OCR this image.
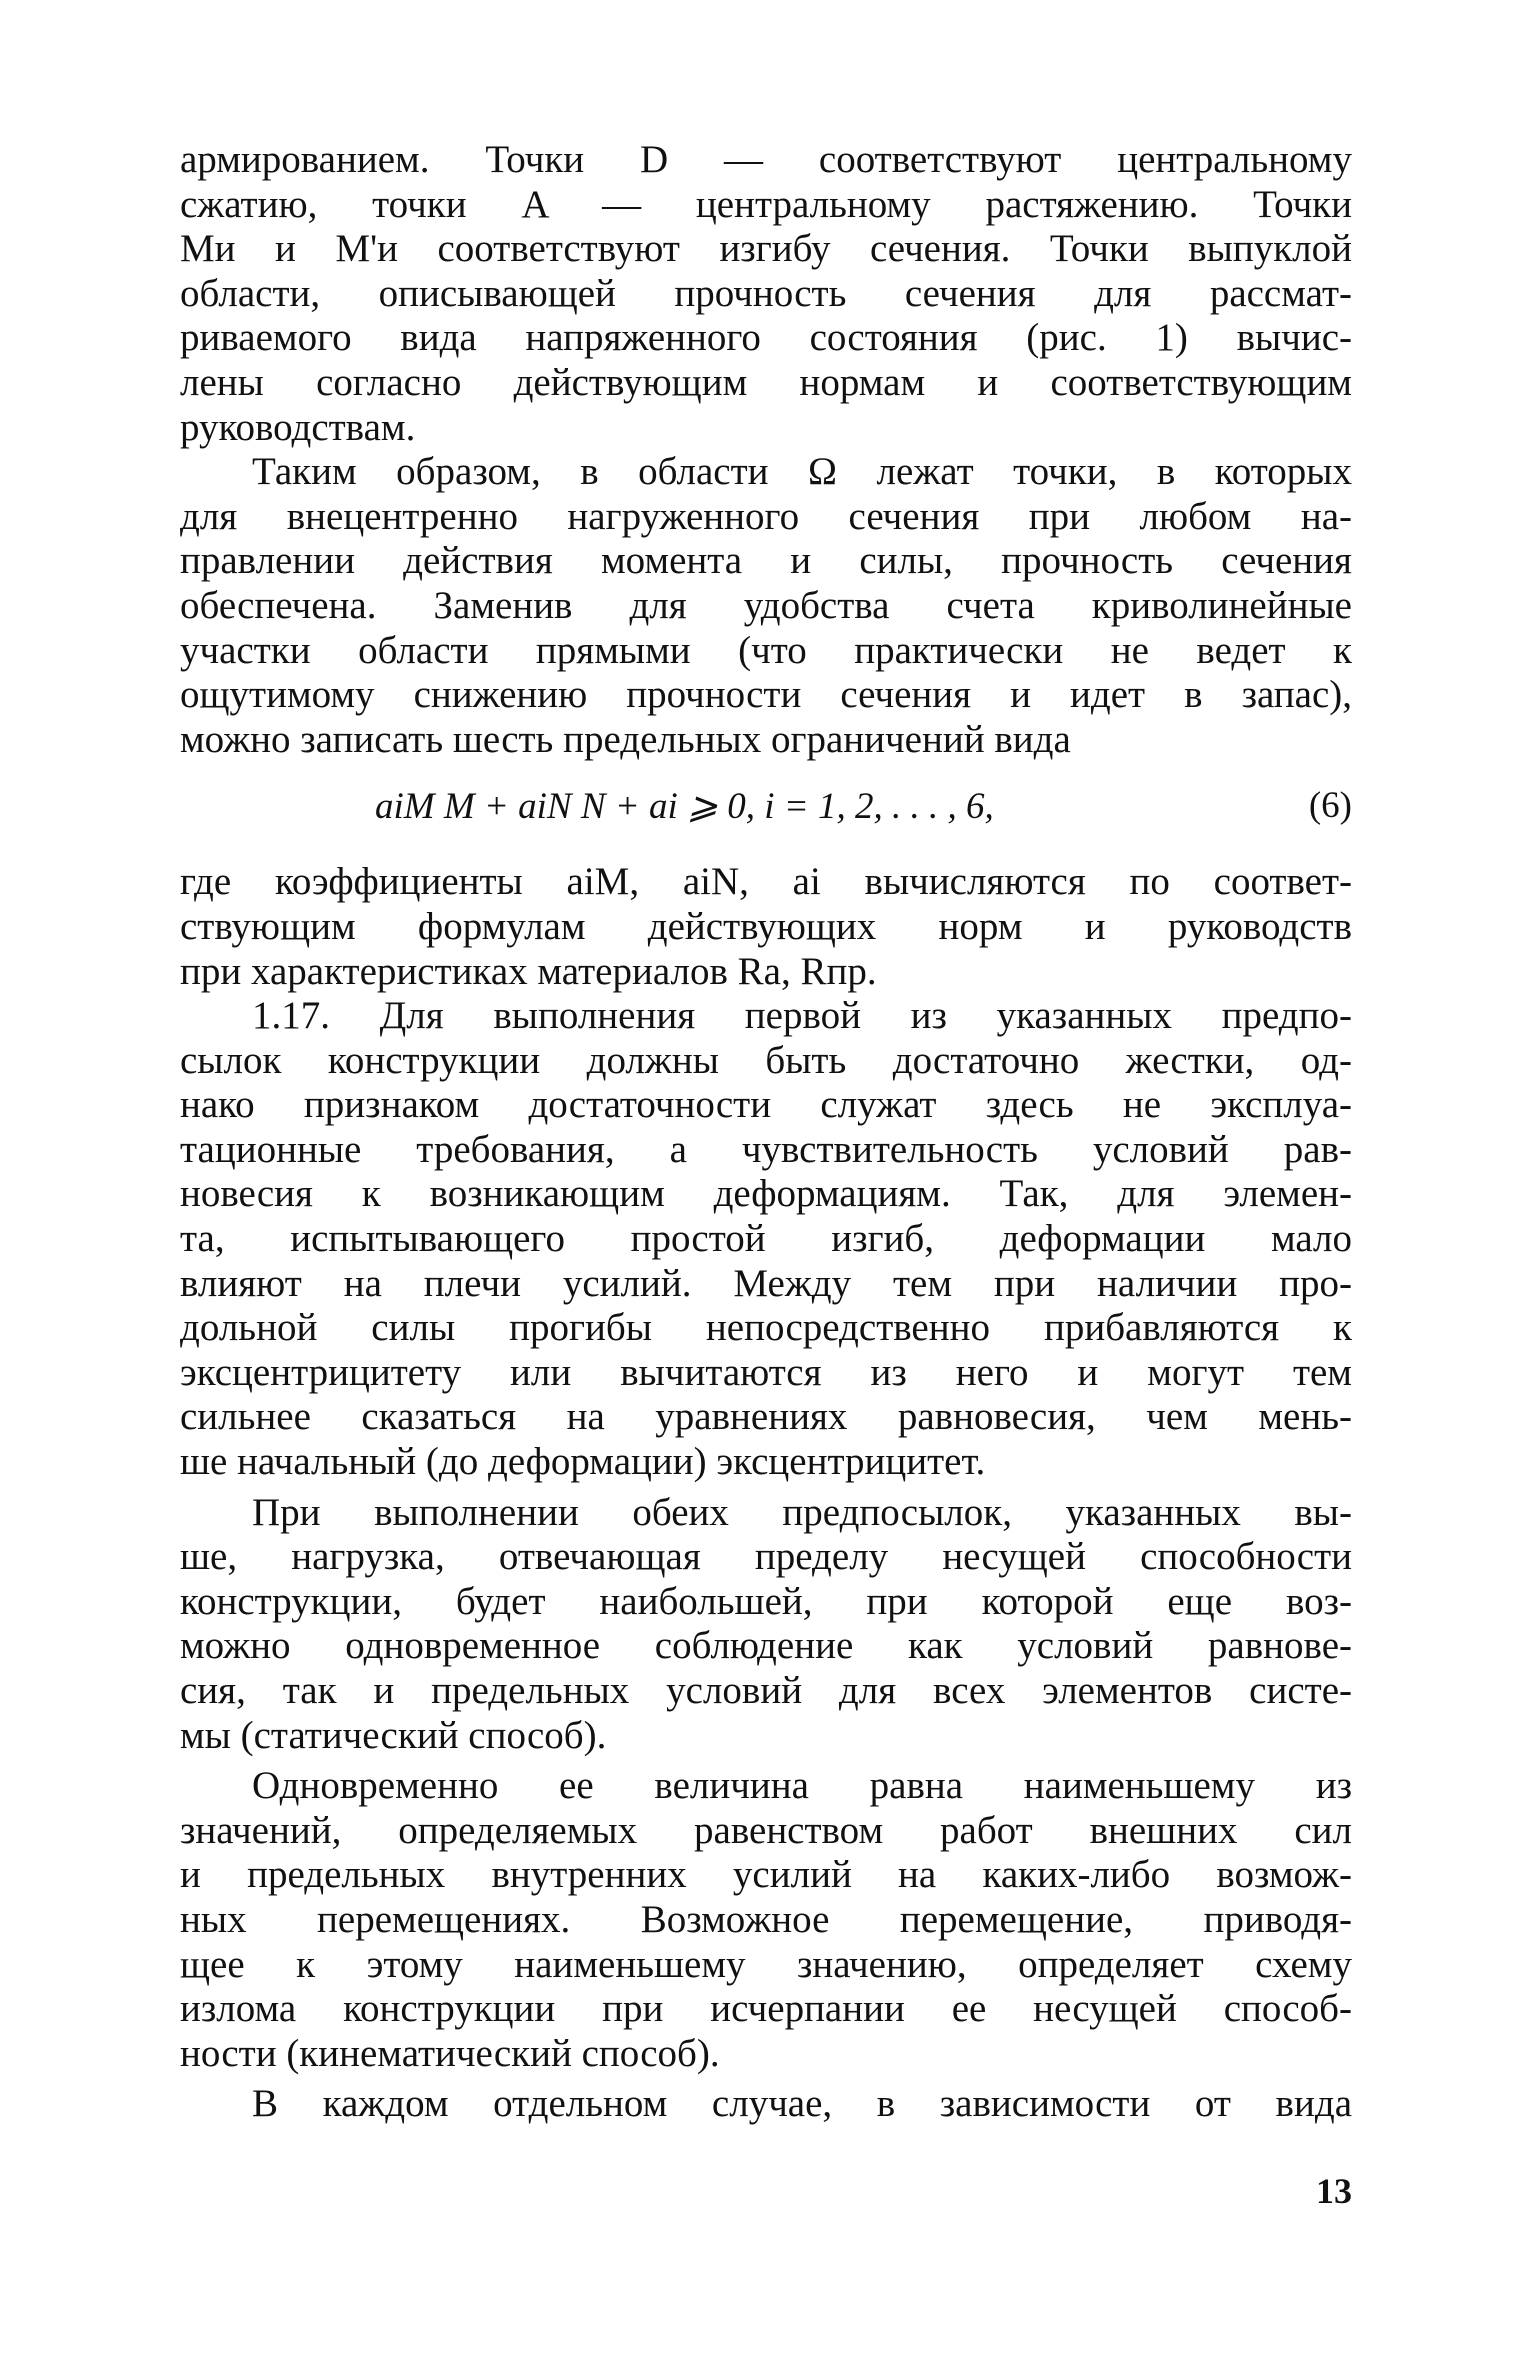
армированием. Точки D — соответствуют центральному
сжатию, точки A — центральному растяжению. Точки
Mи и M'и соответствуют изгибу сечения. Точки выпуклой
области, описывающей прочность сечения для рассмат-
риваемого вида напряженного состояния (рис. 1) вычис-
лены согласно действующим нормам и соответствующим
руководствам.
Таким образом, в области Ω лежат точки, в которых
для внецентренно нагруженного сечения при любом на-
правлении действия момента и силы, прочность сечения
обеспечена. Заменив для удобства счета криволинейные
участки области прямыми (что практически не ведет к
ощутимому снижению прочности сечения и идет в запас),
можно записать шесть предельных ограничений вида
aiM M + aiN N + ai ⩾ 0, i = 1, 2, . . . , 6,	(6)
где коэффициенты aiM, aiN, ai вычисляются по соответ-
ствующим формулам действующих норм и руководств
при характеристиках материалов Ra, Rпр.
1.17. Для выполнения первой из указанных предпо-
сылок конструкции должны быть достаточно жестки, од-
нако признаком достаточности служат здесь не эксплуа-
тационные требования, а чувствительность условий рав-
новесия к возникающим деформациям. Так, для элемен-
та, испытывающего простой изгиб, деформации мало
влияют на плечи усилий. Между тем при наличии про-
дольной силы прогибы непосредственно прибавляются к
эксцентрицитету или вычитаются из него и могут тем
сильнее сказаться на уравнениях равновесия, чем мень-
ше начальный (до деформации) эксцентрицитет.
При выполнении обеих предпосылок, указанных вы-
ше, нагрузка, отвечающая пределу несущей способности
конструкции, будет наибольшей, при которой еще воз-
можно одновременное соблюдение как условий равнове-
сия, так и предельных условий для всех элементов систе-
мы (статический способ).
Одновременно ее величина равна наименьшему из
значений, определяемых равенством работ внешних сил
и предельных внутренних усилий на каких-либо возмож-
ных перемещениях. Возможное перемещение, приводя-
щее к этому наименьшему значению, определяет схему
излома конструкции при исчерпании ее несущей способ-
ности (кинематический способ).
В каждом отдельном случае, в зависимости от вида
13
